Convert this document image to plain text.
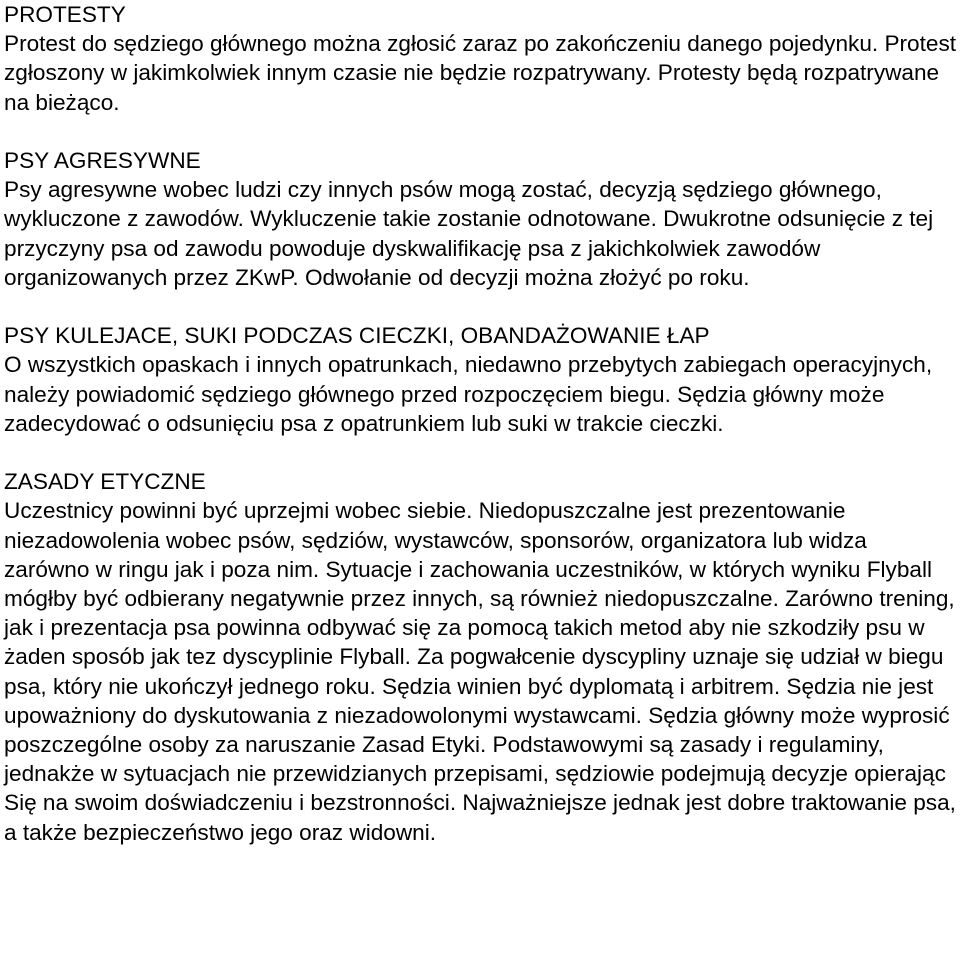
PROTESTY
Protest do sędziego głównego można zgłosić zaraz po zakończeniu danego pojedynku. Protest zgłoszony w jakimkolwiek innym czasie nie będzie rozpatrywany. Protesty będą rozpatrywane na bieżąco.
PSY AGRESYWNE
Psy agresywne wobec ludzi czy innych psów mogą zostać, decyzją sędziego głównego, wykluczone z zawodów. Wykluczenie takie zostanie odnotowane. Dwukrotne odsunięcie z tej przyczyny psa od zawodu powoduje dyskwalifikację psa z jakichkolwiek zawodów organizowanych przez ZKwP. Odwołanie od decyzji można złożyć po roku.
PSY KULEJACE, SUKI PODCZAS CIECZKI, OBANDAŻOWANIE ŁAP
O wszystkich opaskach i innych opatrunkach, niedawno przebytych zabiegach operacyjnych, należy powiadomić sędziego głównego przed rozpoczęciem biegu. Sędzia główny może zadecydować o odsunięciu psa z opatrunkiem lub suki w trakcie cieczki.
ZASADY ETYCZNE
Uczestnicy powinni być uprzejmi wobec siebie. Niedopuszczalne jest prezentowanie niezadowolenia wobec psów, sędziów, wystawców, sponsorów, organizatora lub widza zarówno w ringu jak i poza nim. Sytuacje i zachowania uczestników, w których wyniku Flyball mógłby być odbierany negatywnie przez innych, są również niedopuszczalne. Zarówno trening, jak i prezentacja psa powinna odbywać się za pomocą takich metod aby nie szkodziły psu w żaden sposób jak tez dyscyplinie Flyball. Za pogwałcenie dyscypliny uznaje się udział w biegu psa, który nie ukończył jednego roku. Sędzia winien być dyplomatą i arbitrem. Sędzia nie jest upoważniony do dyskutowania z niezadowolonymi wystawcami. Sędzia główny może wyprosić poszczególne osoby za naruszanie Zasad Etyki. Podstawowymi są zasady i regulaminy, jednakże w sytuacjach nie przewidzianych przepisami, sędziowie podejmują decyzje opierając Się na swoim doświadczeniu i bezstronności. Najważniejsze jednak jest dobre traktowanie psa, a także bezpieczeństwo jego oraz widowni.
